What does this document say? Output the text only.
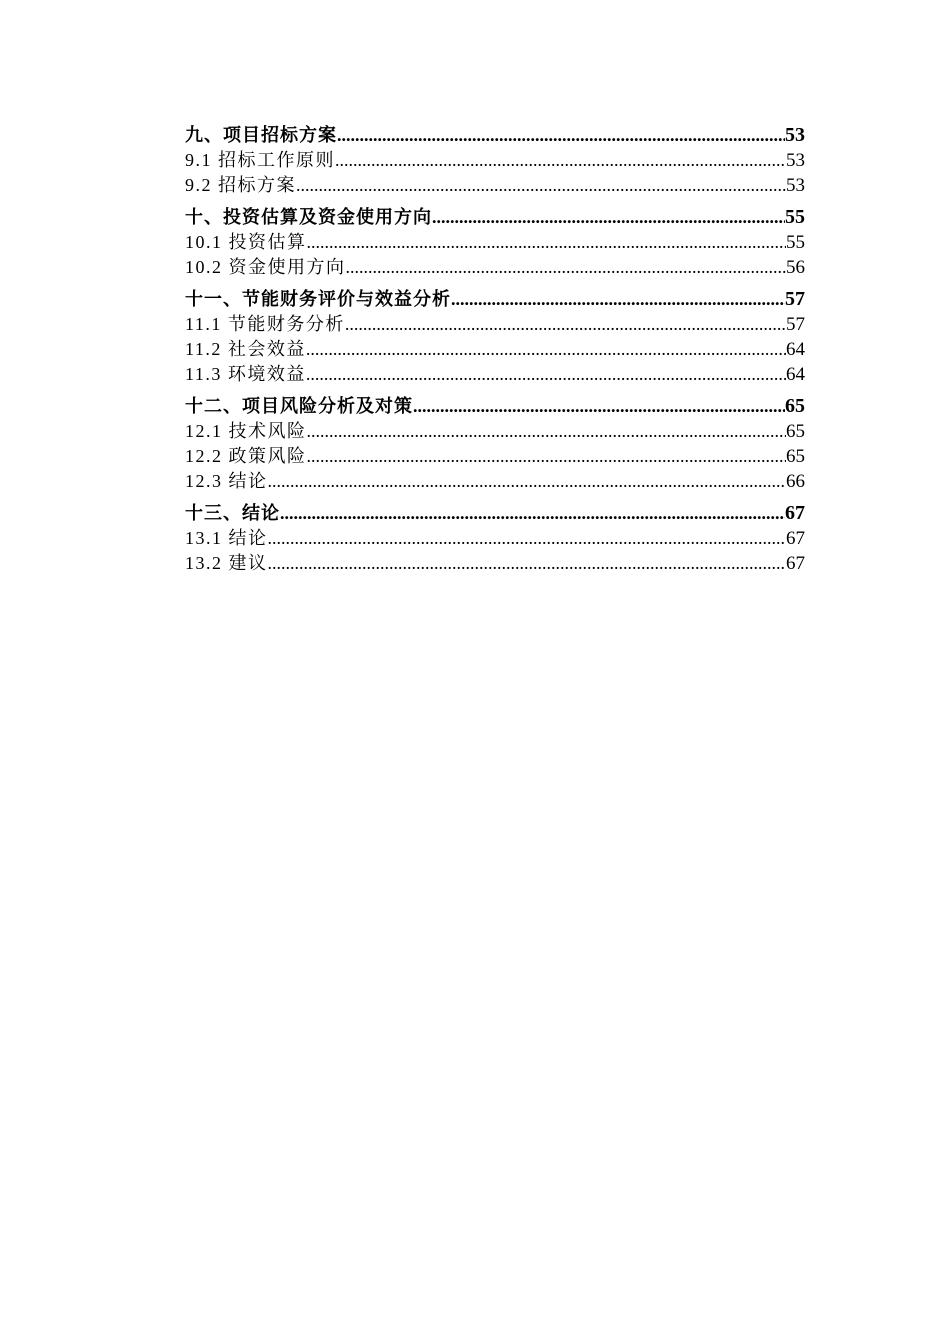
九、项目招标方案 .....	53
9.1 招标工作原则 .....	53
9.2 招标方案 .....	53
十、投资估算及资金使用方向 .....	55
10.1 投资估算 .....	55
10.2 资金使用方向 .....	56
十一、节能财务评价与效益分析 .....	57
11.1 节能财务分析 .....	57
11.2 社会效益 .....	64
11.3 环境效益 .....	64
十二、项目风险分析及对策 .....	65
12.1 技术风险 .....	65
12.2 政策风险 .....	65
12.3 结论 .....	66
十三、结论 .....	67
13.1 结论 .....	67
13.2 建议 .....	67
